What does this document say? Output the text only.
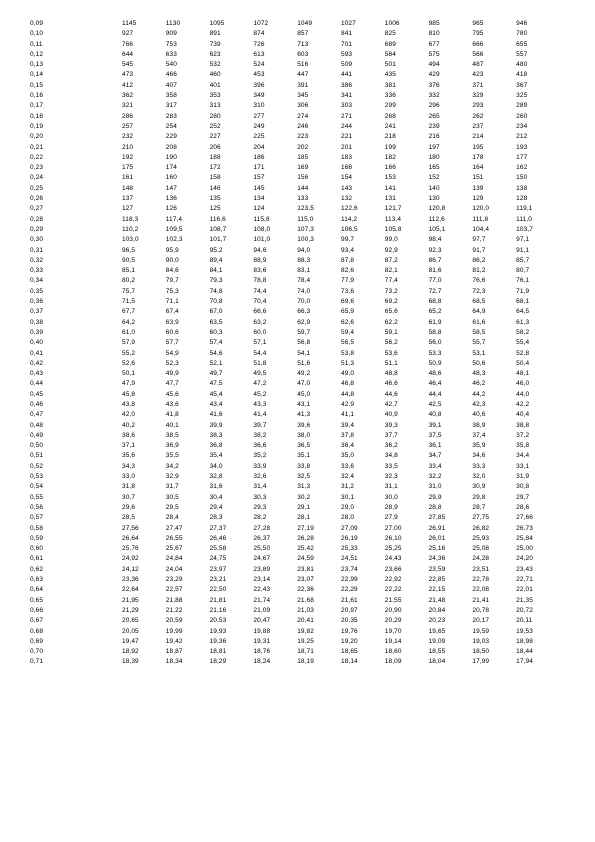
0,09	1145	1130	1095	1072	1049	1027	1006	985	965	946
0,10	927	909	891	874	857	841	825	810	795	780
0,11	766	753	739	726	713	701	689	677	666	655
0,12	644	633	623	613	603	593	584	575	566	557
0,13	545	540	532	524	516	509	501	494	487	480
0,14	473	466	460	453	447	441	435	429	423	418
0,15	412	407	401	396	391	386	381	376	371	367
0,16	362	358	353	349	345	341	336	332	329	325
0,17	321	317	313	310	306	303	299	296	293	289
0,18	286	283	280	277	274	271	268	265	262	260
0,19	257	254	252	249	246	244	241	239	237	234
0,20	232	229	227	225	223	221	218	216	214	212
0,21	210	208	206	204	202	201	199	197	195	193
0,22	192	190	188	186	185	183	182	180	178	177
0,23	175	174	172	171	169	168	166	165	164	162
0,24	161	160	158	157	156	154	153	152	151	150
0,25	148	147	146	145	144	143	141	140	139	138
0,26	137	136	135	134	133	132	131	130	129	128
0,27	127	126	125	124	123,5	122,6	121,7	120,8	120,0	119,1
0,28	118,3	117,4	116,6	115,8	115,0	114,2	113,4	112,6	111,8	111,0
0,29	110,2	109,5	108,7	108,0	107,3	106,5	105,8	105,1	104,4	103,7
0,30	103,0	102,3	101,7	101,0	100,3	99,7	99,0	98,4	97,7	97,1
0,31	96,5	95,9	95,2	94,6	94,0	93,4	92,9	92,3	91,7	91,1
0,32	90,5	90,0	89,4	88,9	88,3	87,8	87,2	86,7	86,2	85,7
0,33	85,1	84,6	84,1	83,6	83,1	82,6	82,1	81,6	81,2	80,7
0,34	80,2	79,7	79,3	78,8	78,4	77,9	77,4	77,0	76,6	76,1
0,35	75,7	75,3	74,8	74,4	74,0	73,6	73,2	72,7	72,3	71,9
0,36	71,5	71,1	70,8	70,4	70,0	69,6	69,2	68,8	68,5	68,1
0,37	67,7	67,4	67,0	66,6	66,3	65,9	65,6	65,2	64,9	64,5
0,38	64,2	63,9	63,5	63,2	62,9	62,6	62,2	61,9	61,6	61,3
0,39	61,0	60,6	60,3	60,0	59,7	59,4	59,1	58,8	58,5	58,2
0,40	57,9	57,7	57,4	57,1	56,8	56,5	56,2	56,0	55,7	55,4
0,41	55,2	54,9	54,6	54,4	54,1	53,8	53,6	53,3	53,1	52,8
0,42	52,6	52,3	52,1	51,8	51,6	51,3	51,1	50,9	50,6	50,4
0,43	50,1	49,9	49,7	49,5	49,2	49,0	48,8	48,6	48,3	48,1
0,44	47,9	47,7	47,5	47,2	47,0	46,8	46,6	46,4	46,2	46,0
0,45	45,8	45,6	45,4	45,2	45,0	44,8	44,6	44,4	44,2	44,0
0,46	43,8	43,6	43,4	43,3	43,1	42,9	42,7	42,5	42,3	42,2
0,47	42,0	41,8	41,6	41,4	41,3	41,1	40,9	40,8	40,6	40,4
0,48	40,2	40,1	39,9	39,7	39,6	39,4	39,3	39,1	38,9	38,8
0,49	38,6	38,5	38,3	38,2	38,0	37,8	37,7	37,5	37,4	37,2
0,50	37,1	36,9	36,8	36,6	36,5	36,4	36,2	36,1	35,9	35,8
0,51	35,6	35,5	35,4	35,2	35,1	35,0	34,8	34,7	34,6	34,4
0,52	34,3	34,2	34,0	33,9	33,8	33,6	33,5	33,4	33,3	33,1
0,53	33,0	32,9	32,8	32,6	32,5	32,4	32,3	32,2	32,0	31,9
0,54	31,8	31,7	31,6	31,4	31,3	31,2	31,1	31,0	30,9	30,8
0,55	30,7	30,5	30,4	30,3	30,2	30,1	30,0	29,9	29,8	29,7
0,56	29,6	29,5	29,4	29,3	29,1	29,0	28,9	28,8	28,7	28,6
0,57	28,5	28,4	28,3	28,2	28,1	28,0	27,9	27,85	27,75	27,66
0,58	27,56	27,47	27,37	27,28	27,19	27,09	27,00	26,91	26,82	26,73
0,59	26,64	26,55	26,46	26,37	26,28	26,19	26,10	26,01	25,93	25,84
0,60	25,76	25,67	25,58	25,50	25,42	25,33	25,25	25,16	25,08	25,00
0,61	24,92	24,84	24,75	24,67	24,59	24,51	24,43	24,36	24,28	24,20
0,62	24,12	24,04	23,97	23,89	23,81	23,74	23,66	23,59	23,51	23,43
0,63	23,36	23,29	23,21	23,14	23,07	22,99	22,92	22,85	22,78	22,71
0,64	22,64	22,57	22,50	22,43	22,36	22,29	22,22	22,15	22,08	22,01
0,65	21,95	21,88	21,81	21,74	21,68	21,61	21,55	21,48	21,41	21,35
0,66	21,29	21,22	21,16	21,09	21,03	20,97	20,90	20,84	20,78	20,72
0,67	20,65	20,59	20,53	20,47	20,41	20,35	20,29	20,23	20,17	20,11
0,68	20,05	19,99	19,93	19,88	19,82	19,76	19,70	19,65	19,59	19,53
0,69	19,47	19,42	19,36	19,31	19,25	19,20	19,14	19,09	19,03	18,98
0,70	18,92	18,87	18,81	18,76	18,71	18,65	18,60	18,55	18,50	18,44
0,71	18,39	18,34	18,29	18,24	18,19	18,14	18,09	18,04	17,99	17,94
